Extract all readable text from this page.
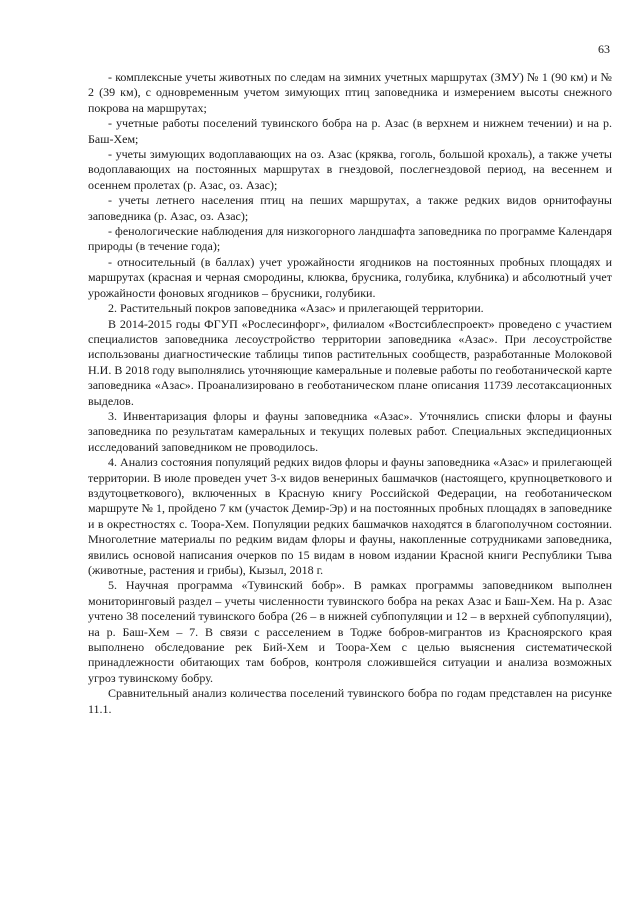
63

- комплексные учеты животных по следам на зимних учетных маршрутах (ЗМУ) № 1 (90 км) и № 2 (39 км), с одновременным учетом зимующих птиц заповедника и измерением высоты снежного покрова на маршрутах;

- учетные работы поселений тувинского бобра на р. Азас (в верхнем и нижнем течении) и на р. Баш-Хем;

- учеты зимующих водоплавающих на оз. Азас (кряква, гоголь, большой крохаль), а также учеты водоплавающих на постоянных маршрутах в гнездовой, послегнездовой период, на весеннем и осеннем пролетах (р. Азас, оз. Азас);

- учеты летнего населения птиц на пеших маршрутах, а также редких видов орнитофауны заповедника (р. Азас, оз. Азас);

- фенологические наблюдения для низкогорного ландшафта заповедника по программе Календаря природы (в течение года);

- относительный (в баллах) учет урожайности ягодников на постоянных пробных площадях и маршрутах (красная и черная смородины, клюква, брусника, голубика, клубника) и абсолютный учет урожайности фоновых ягодников – брусники, голубики.

2. Растительный покров заповедника «Азас» и прилегающей территории.

В 2014-2015 годы ФГУП «Рослесинфорг», филиалом «Востсиблеспроект» проведено с участием специалистов заповедника лесоустройство территории заповедника «Азас». При лесоустройстве использованы диагностические таблицы типов растительных сообществ, разработанные Молоковой Н.И. В 2018 году выполнялись уточняющие камеральные и полевые работы по геоботанической карте заповедника «Азас». Проанализировано в геоботаническом плане описания 11739 лесотаксационных выделов.

3. Инвентаризация флоры и фауны заповедника «Азас». Уточнялись списки флоры и фауны заповедника по результатам камеральных и текущих полевых работ. Специальных экспедиционных исследований заповедником не проводилось.

4. Анализ состояния популяций редких видов флоры и фауны заповедника «Азас» и прилегающей территории. В июле проведен учет 3-х видов венериных башмачков (настоящего, крупноцветкового и вздутоцветкового), включенных в Красную книгу Российской Федерации, на геоботаническом маршруте № 1, пройдено 7 км (участок Демир-Эр) и на постоянных пробных площадях в заповеднике и в окрестностях с. Тоора-Хем. Популяции редких башмачков находятся в благополучном состоянии. Многолетние материалы по редким видам флоры и фауны, накопленные сотрудниками заповедника, явились основой написания очерков по 15 видам в новом издании Красной книги Республики Тыва (животные, растения и грибы), Кызыл, 2018 г.

5. Научная программа «Тувинский бобр». В рамках программы заповедником выполнен мониторинговый раздел – учеты численности тувинского бобра на реках Азас и Баш-Хем. На р. Азас учтено 38 поселений тувинского бобра (26 – в нижней субпопуляции и 12 – в верхней субпопуляции), на р. Баш-Хем – 7. В связи с расселением в Тодже бобров-мигрантов из Красноярского края выполнено обследование рек Бий-Хем и Тоора-Хем с целью выяснения систематической принадлежности обитающих там бобров, контроля сложившейся ситуации и анализа возможных угроз тувинскому бобру.

Сравнительный анализ количества поселений тувинского бобра по годам представлен на рисунке 11.1.
